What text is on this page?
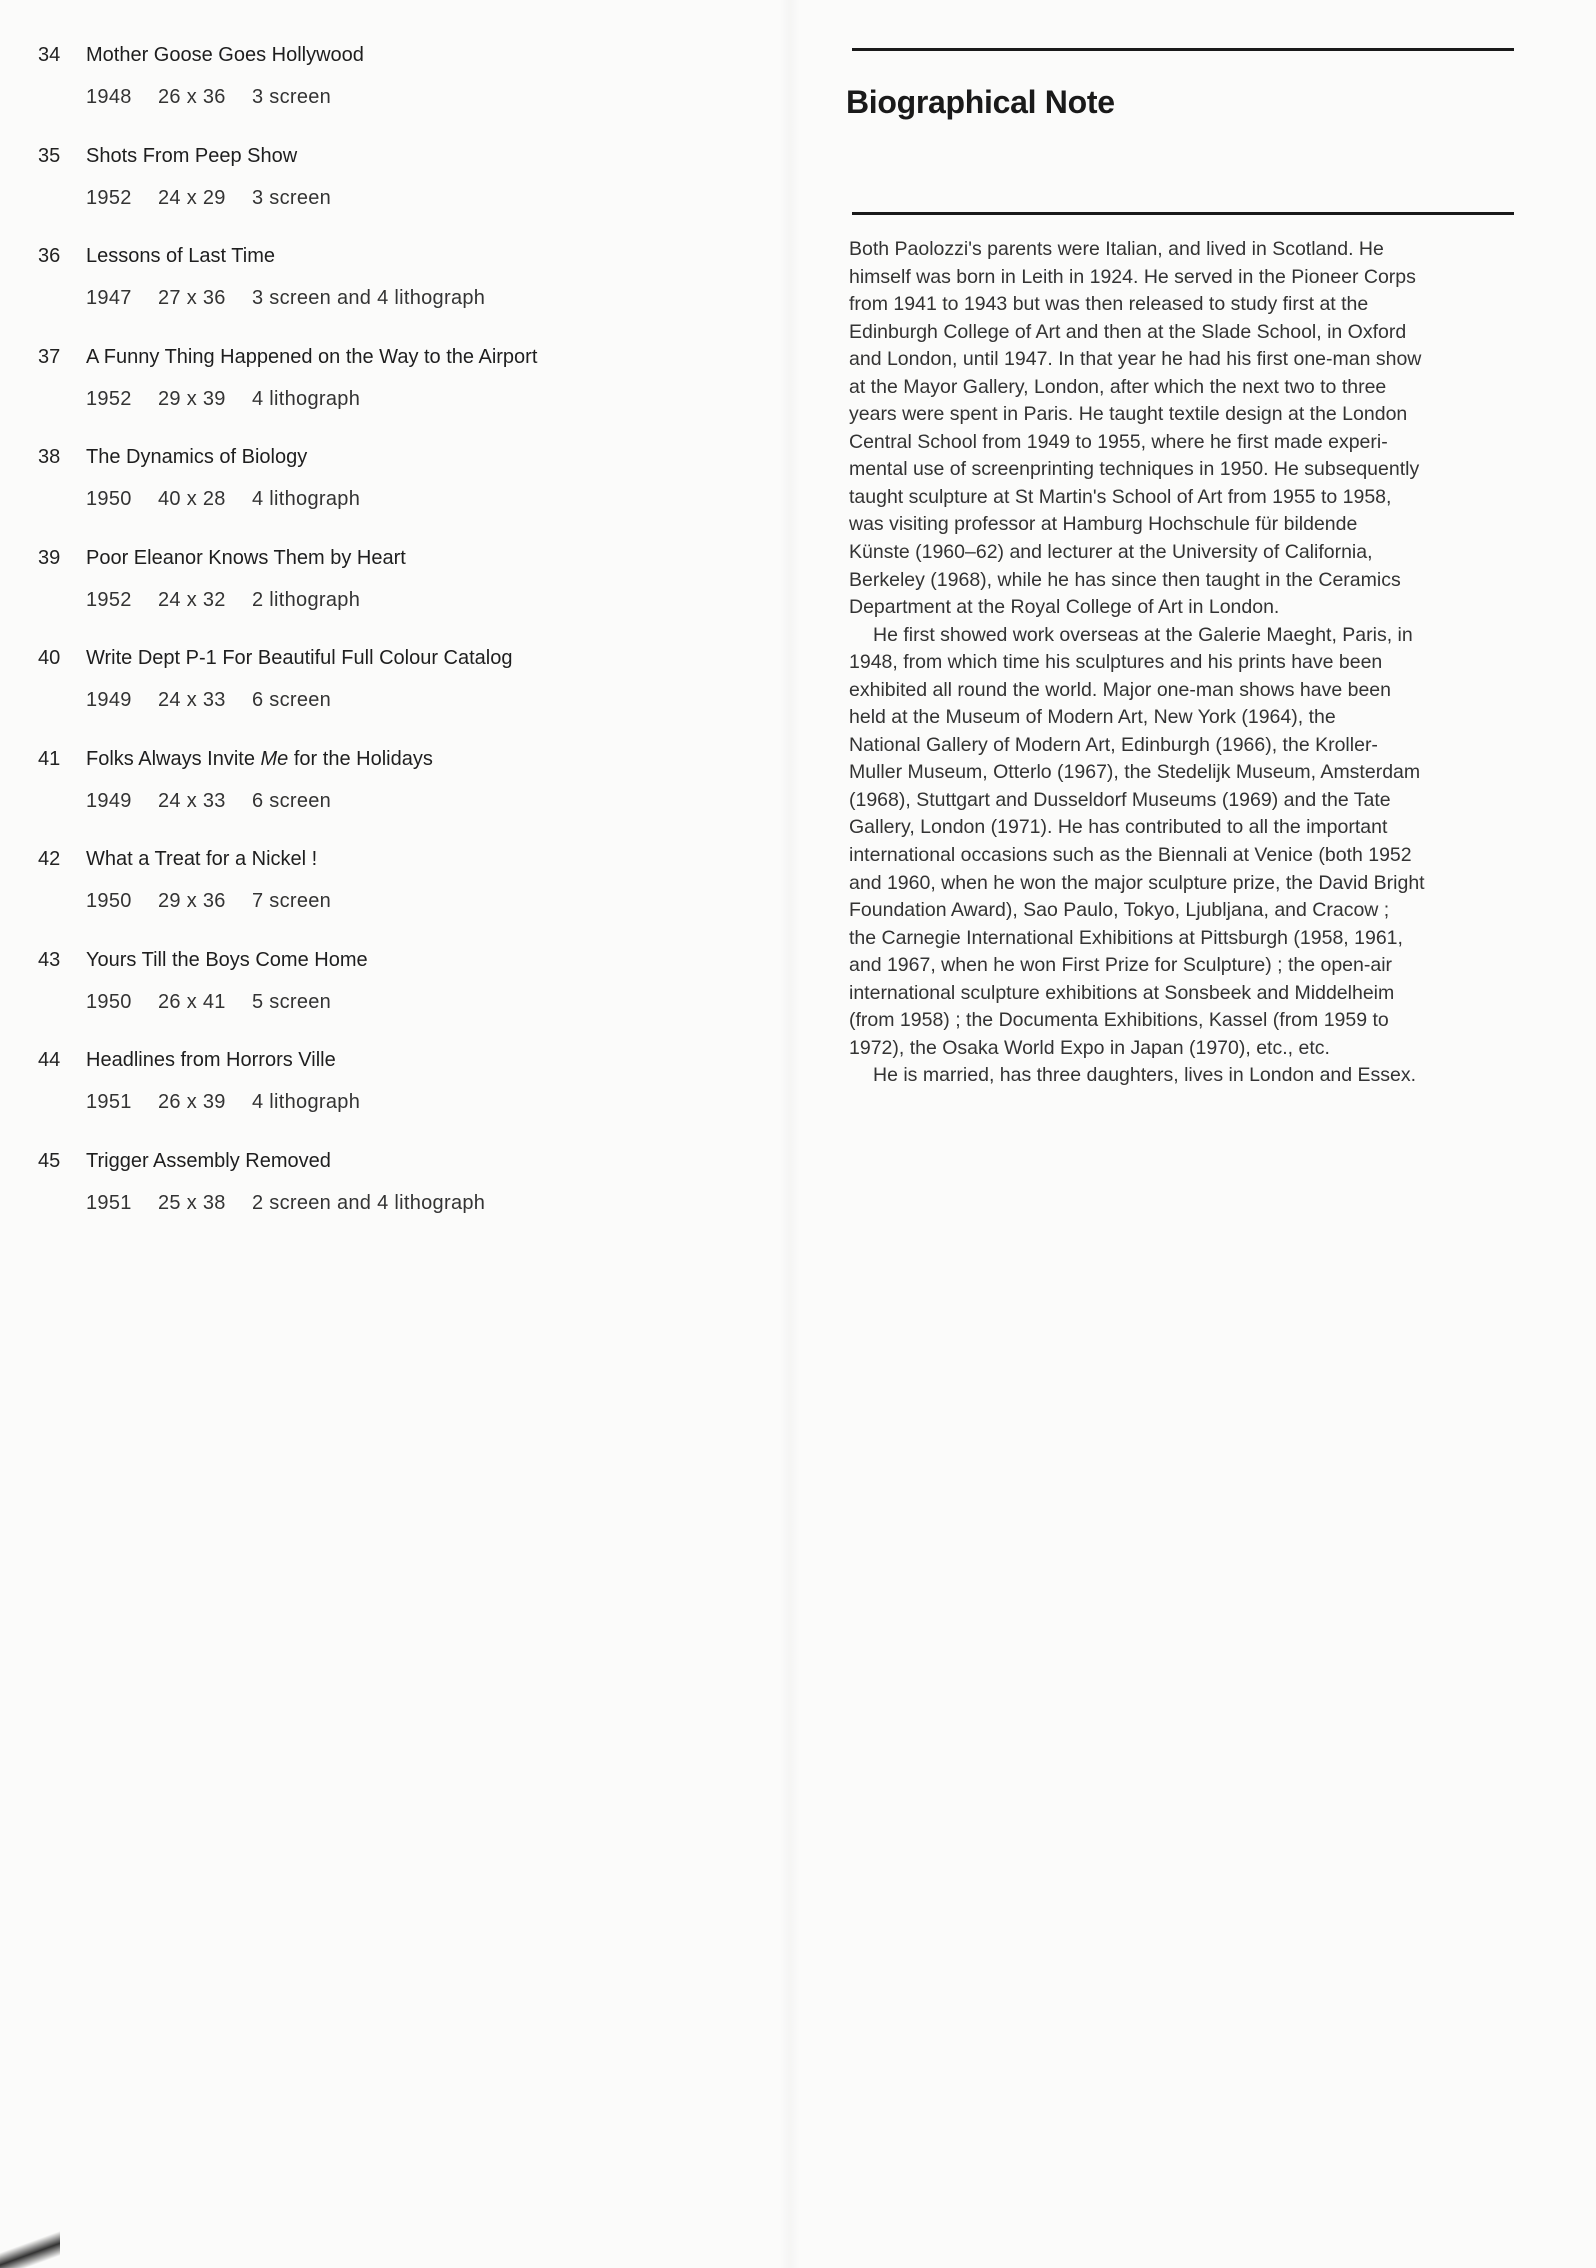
34 Mother Goose Goes Hollywood
1948 26 x 36 3 screen
35 Shots From Peep Show
1952 24 x 29 3 screen
36 Lessons of Last Time
1947 27 x 36 3 screen and 4 lithograph
37 A Funny Thing Happened on the Way to the Airport
1952 29 x 39 4 lithograph
38 The Dynamics of Biology
1950 40 x 28 4 lithograph
39 Poor Eleanor Knows Them by Heart
1952 24 x 32 2 lithograph
40 Write Dept P-1 For Beautiful Full Colour Catalog
1949 24 x 33 6 screen
41 Folks Always Invite Me for the Holidays
1949 24 x 33 6 screen
42 What a Treat for a Nickel !
1950 29 x 36 7 screen
43 Yours Till the Boys Come Home
1950 26 x 41 5 screen
44 Headlines from Horrors Ville
1951 26 x 39 4 lithograph
45 Trigger Assembly Removed
1951 25 x 38 2 screen and 4 lithograph
Biographical Note
Both Paolozzi's parents were Italian, and lived in Scotland. He
himself was born in Leith in 1924. He served in the Pioneer Corps
from 1941 to 1943 but was then released to study first at the
Edinburgh College of Art and then at the Slade School, in Oxford
and London, until 1947. In that year he had his first one-man show
at the Mayor Gallery, London, after which the next two to three
years were spent in Paris. He taught textile design at the London
Central School from 1949 to 1955, where he first made experi-
mental use of screenprinting techniques in 1950. He subsequently
taught sculpture at St Martin's School of Art from 1955 to 1958,
was visiting professor at Hamburg Hochschule für bildende
Künste (1960–62) and lecturer at the University of California,
Berkeley (1968), while he has since then taught in the Ceramics
Department at the Royal College of Art in London.
He first showed work overseas at the Galerie Maeght, Paris, in
1948, from which time his sculptures and his prints have been
exhibited all round the world. Major one-man shows have been
held at the Museum of Modern Art, New York (1964), the
National Gallery of Modern Art, Edinburgh (1966), the Kroller-
Muller Museum, Otterlo (1967), the Stedelijk Museum, Amsterdam
(1968), Stuttgart and Dusseldorf Museums (1969) and the Tate
Gallery, London (1971). He has contributed to all the important
international occasions such as the Biennali at Venice (both 1952
and 1960, when he won the major sculpture prize, the David Bright
Foundation Award), Sao Paulo, Tokyo, Ljubljana, and Cracow ;
the Carnegie International Exhibitions at Pittsburgh (1958, 1961,
and 1967, when he won First Prize for Sculpture) ; the open-air
international sculpture exhibitions at Sonsbeek and Middelheim
(from 1958) ; the Documenta Exhibitions, Kassel (from 1959 to
1972), the Osaka World Expo in Japan (1970), etc., etc.
He is married, has three daughters, lives in London and Essex.
